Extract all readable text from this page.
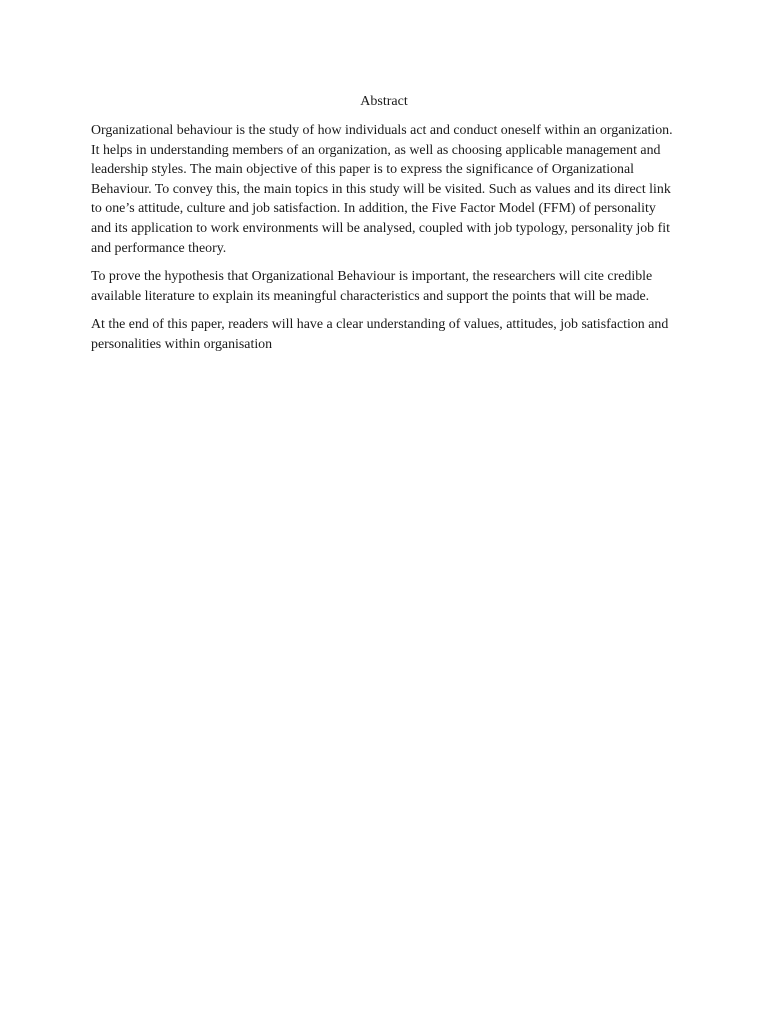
Abstract

Organizational behaviour is the study of how individuals act and conduct oneself within an organization. It helps in understanding members of an organization, as well as choosing applicable management and leadership styles. The main objective of this paper is to express the significance of Organizational Behaviour. To convey this, the main topics in this study will be visited. Such as values and its direct link to one’s attitude, culture and job satisfaction. In addition, the Five Factor Model (FFM) of personality and its application to work environments will be analysed, coupled with job typology, personality job fit and performance theory.

To prove the hypothesis that Organizational Behaviour is important, the researchers will cite credible available literature to explain its meaningful characteristics and support the points that will be made.

At the end of this paper, readers will have a clear understanding of values, attitudes, job satisfaction and personalities within organisation
